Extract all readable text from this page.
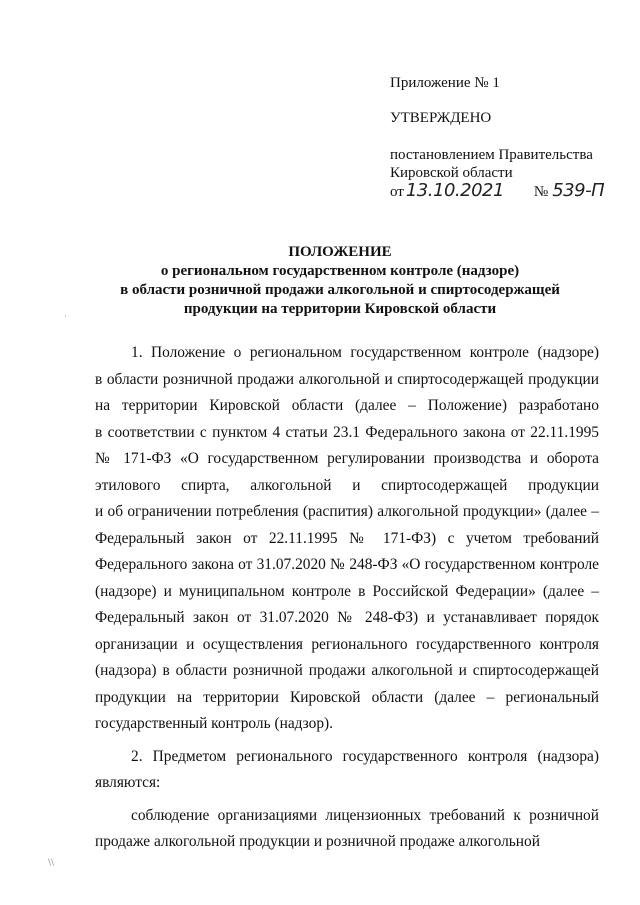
Приложение № 1
УТВЕРЖДЕНО
постановлением Правительства
Кировской области
от 13.10.2021 № 539-П
ПОЛОЖЕНИЕ
о региональном государственном контроле (надзоре)
в области розничной продажи алкогольной и спиртосодержащей
продукции на территории Кировской области
1. Положение о региональном государственном контроле (надзоре)
в области розничной продажи алкогольной и спиртосодержащей продукции
на территории Кировской области (далее – Положение) разработано
в соответствии с пунктом 4 статьи 23.1 Федерального закона от 22.11.1995
№ 171-ФЗ «О государственном регулировании производства и оборота
этилового спирта, алкогольной и спиртосодержащей продукции
и об ограничении потребления (распития) алкогольной продукции» (далее –
Федеральный закон от 22.11.1995 № 171-ФЗ) с учетом требований
Федерального закона от 31.07.2020 № 248-ФЗ «О государственном контроле
(надзоре) и муниципальном контроле в Российской Федерации» (далее –
Федеральный закон от 31.07.2020 № 248-ФЗ) и устанавливает порядок
организации и осуществления регионального государственного контроля
(надзора) в области розничной продажи алкогольной и спиртосодержащей
продукции на территории Кировской области (далее – региональный
государственный контроль (надзор).
2. Предметом регионального государственного контроля (надзора)
являются:
соблюдение организациями лицензионных требований к розничной
продаже алкогольной продукции и розничной продаже алкогольной
·
\\
